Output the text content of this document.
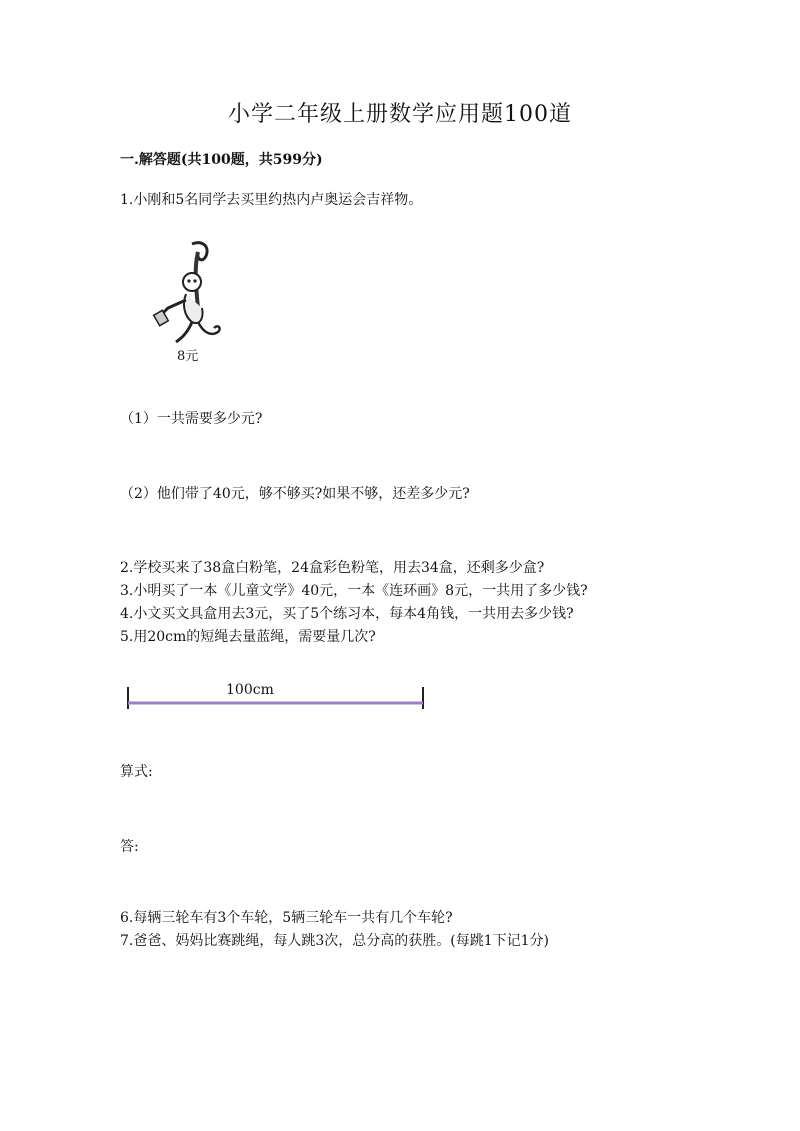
小学二年级上册数学应用题100道
一.解答题(共100题，共599分)
1.小刚和5名同学去买里约热内卢奥运会吉祥物。
8元
（1）一共需要多少元?
（2）他们带了40元，够不够买?如果不够，还差多少元?
2.学校买来了38盒白粉笔，24盒彩色粉笔，用去34盒，还剩多少盒?
3.小明买了一本《儿童文学》40元，一本《连环画》8元，一共用了多少钱?
4.小文买文具盒用去3元，买了5个练习本，每本4角钱，一共用去多少钱?
5.用20cm的短绳去量蓝绳，需要量几次?
100cm
算式:
答:
6.每辆三轮车有3个车轮，5辆三轮车一共有几个车轮?
7.爸爸、妈妈比赛跳绳，每人跳3次，总分高的获胜。(每跳1下记1分)
